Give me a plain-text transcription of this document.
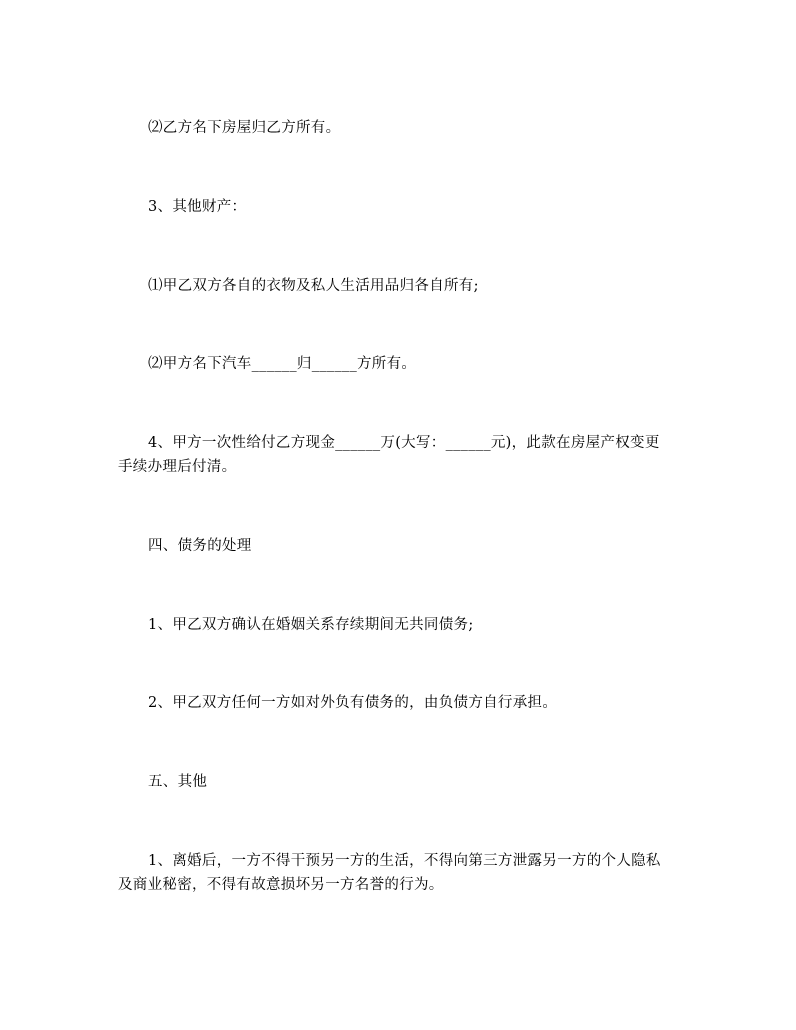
⑵乙方名下房屋归乙方所有。

3、其他财产：

⑴甲乙双方各自的衣物及私人生活用品归各自所有;

⑵甲方名下汽车______归______方所有。

4、甲方一次性给付乙方现金______万(大写：______元)，此款在房屋产权变更手续办理后付清。

四、债务的处理

1、甲乙双方确认在婚姻关系存续期间无共同债务;

2、甲乙双方任何一方如对外负有债务的，由负债方自行承担。

五、其他

1、离婚后，一方不得干预另一方的生活，不得向第三方泄露另一方的个人隐私及商业秘密，不得有故意损坏另一方名誉的行为。
